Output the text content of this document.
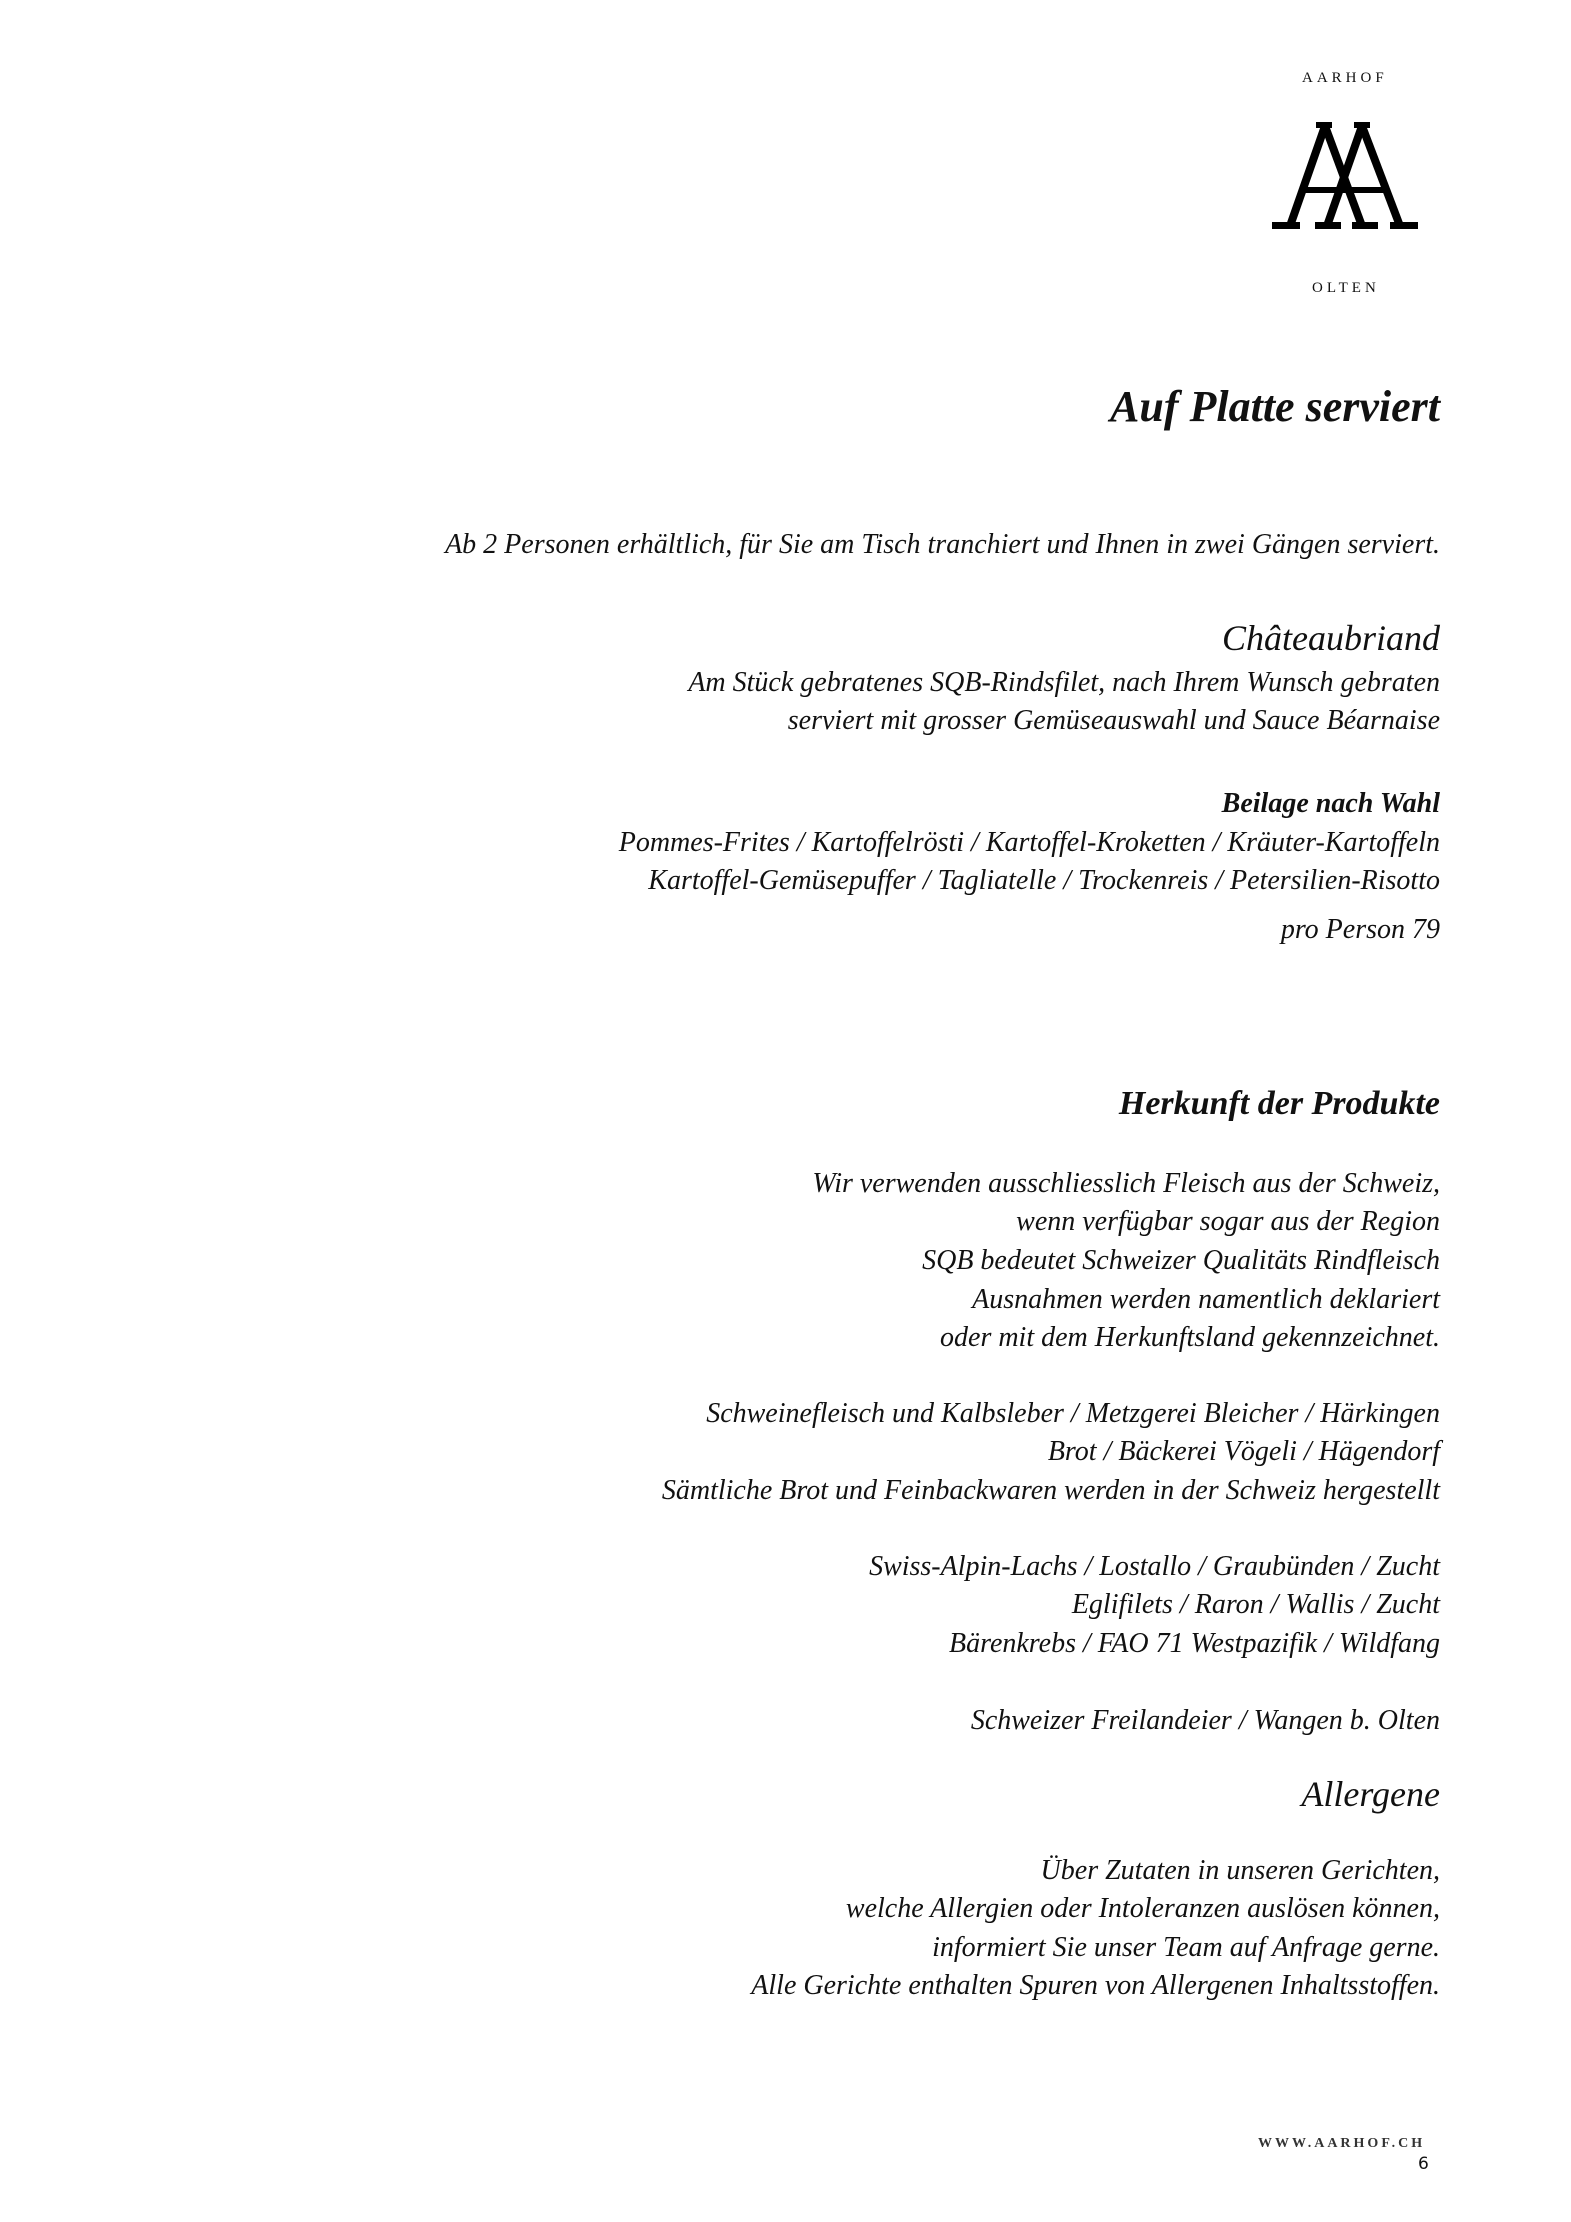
AARHOF
OLTEN
Auf Platte serviert
Ab 2 Personen erhältlich, für Sie am Tisch tranchiert und Ihnen in zwei Gängen serviert.
Châteaubriand
Am Stück gebratenes SQB-Rindsfilet, nach Ihrem Wunsch gebraten
serviert mit grosser Gemüseauswahl und Sauce Béarnaise
Beilage nach Wahl
Pommes-Frites / Kartoffelrösti / Kartoffel-Kroketten / Kräuter-Kartoffeln
Kartoffel-Gemüsepuffer / Tagliatelle / Trockenreis / Petersilien-Risotto
pro Person 79
Herkunft der Produkte
Wir verwenden ausschliesslich Fleisch aus der Schweiz,
wenn verfügbar sogar aus der Region
SQB bedeutet Schweizer Qualitäts Rindfleisch
Ausnahmen werden namentlich deklariert
oder mit dem Herkunftsland gekennzeichnet.
Schweinefleisch und Kalbsleber / Metzgerei Bleicher / Härkingen
Brot / Bäckerei Vögeli / Hägendorf
Sämtliche Brot und Feinbackwaren werden in der Schweiz hergestellt
Swiss-Alpin-Lachs / Lostallo / Graubünden / Zucht
Eglifilets / Raron / Wallis / Zucht
Bärenkrebs / FAO 71 Westpazifik / Wildfang
Schweizer Freilandeier / Wangen b. Olten
Allergene
Über Zutaten in unseren Gerichten,
welche Allergien oder Intoleranzen auslösen können,
informiert Sie unser Team auf Anfrage gerne.
Alle Gerichte enthalten Spuren von Allergenen Inhaltsstoffen.
WWW.AARHOF.CH
6
